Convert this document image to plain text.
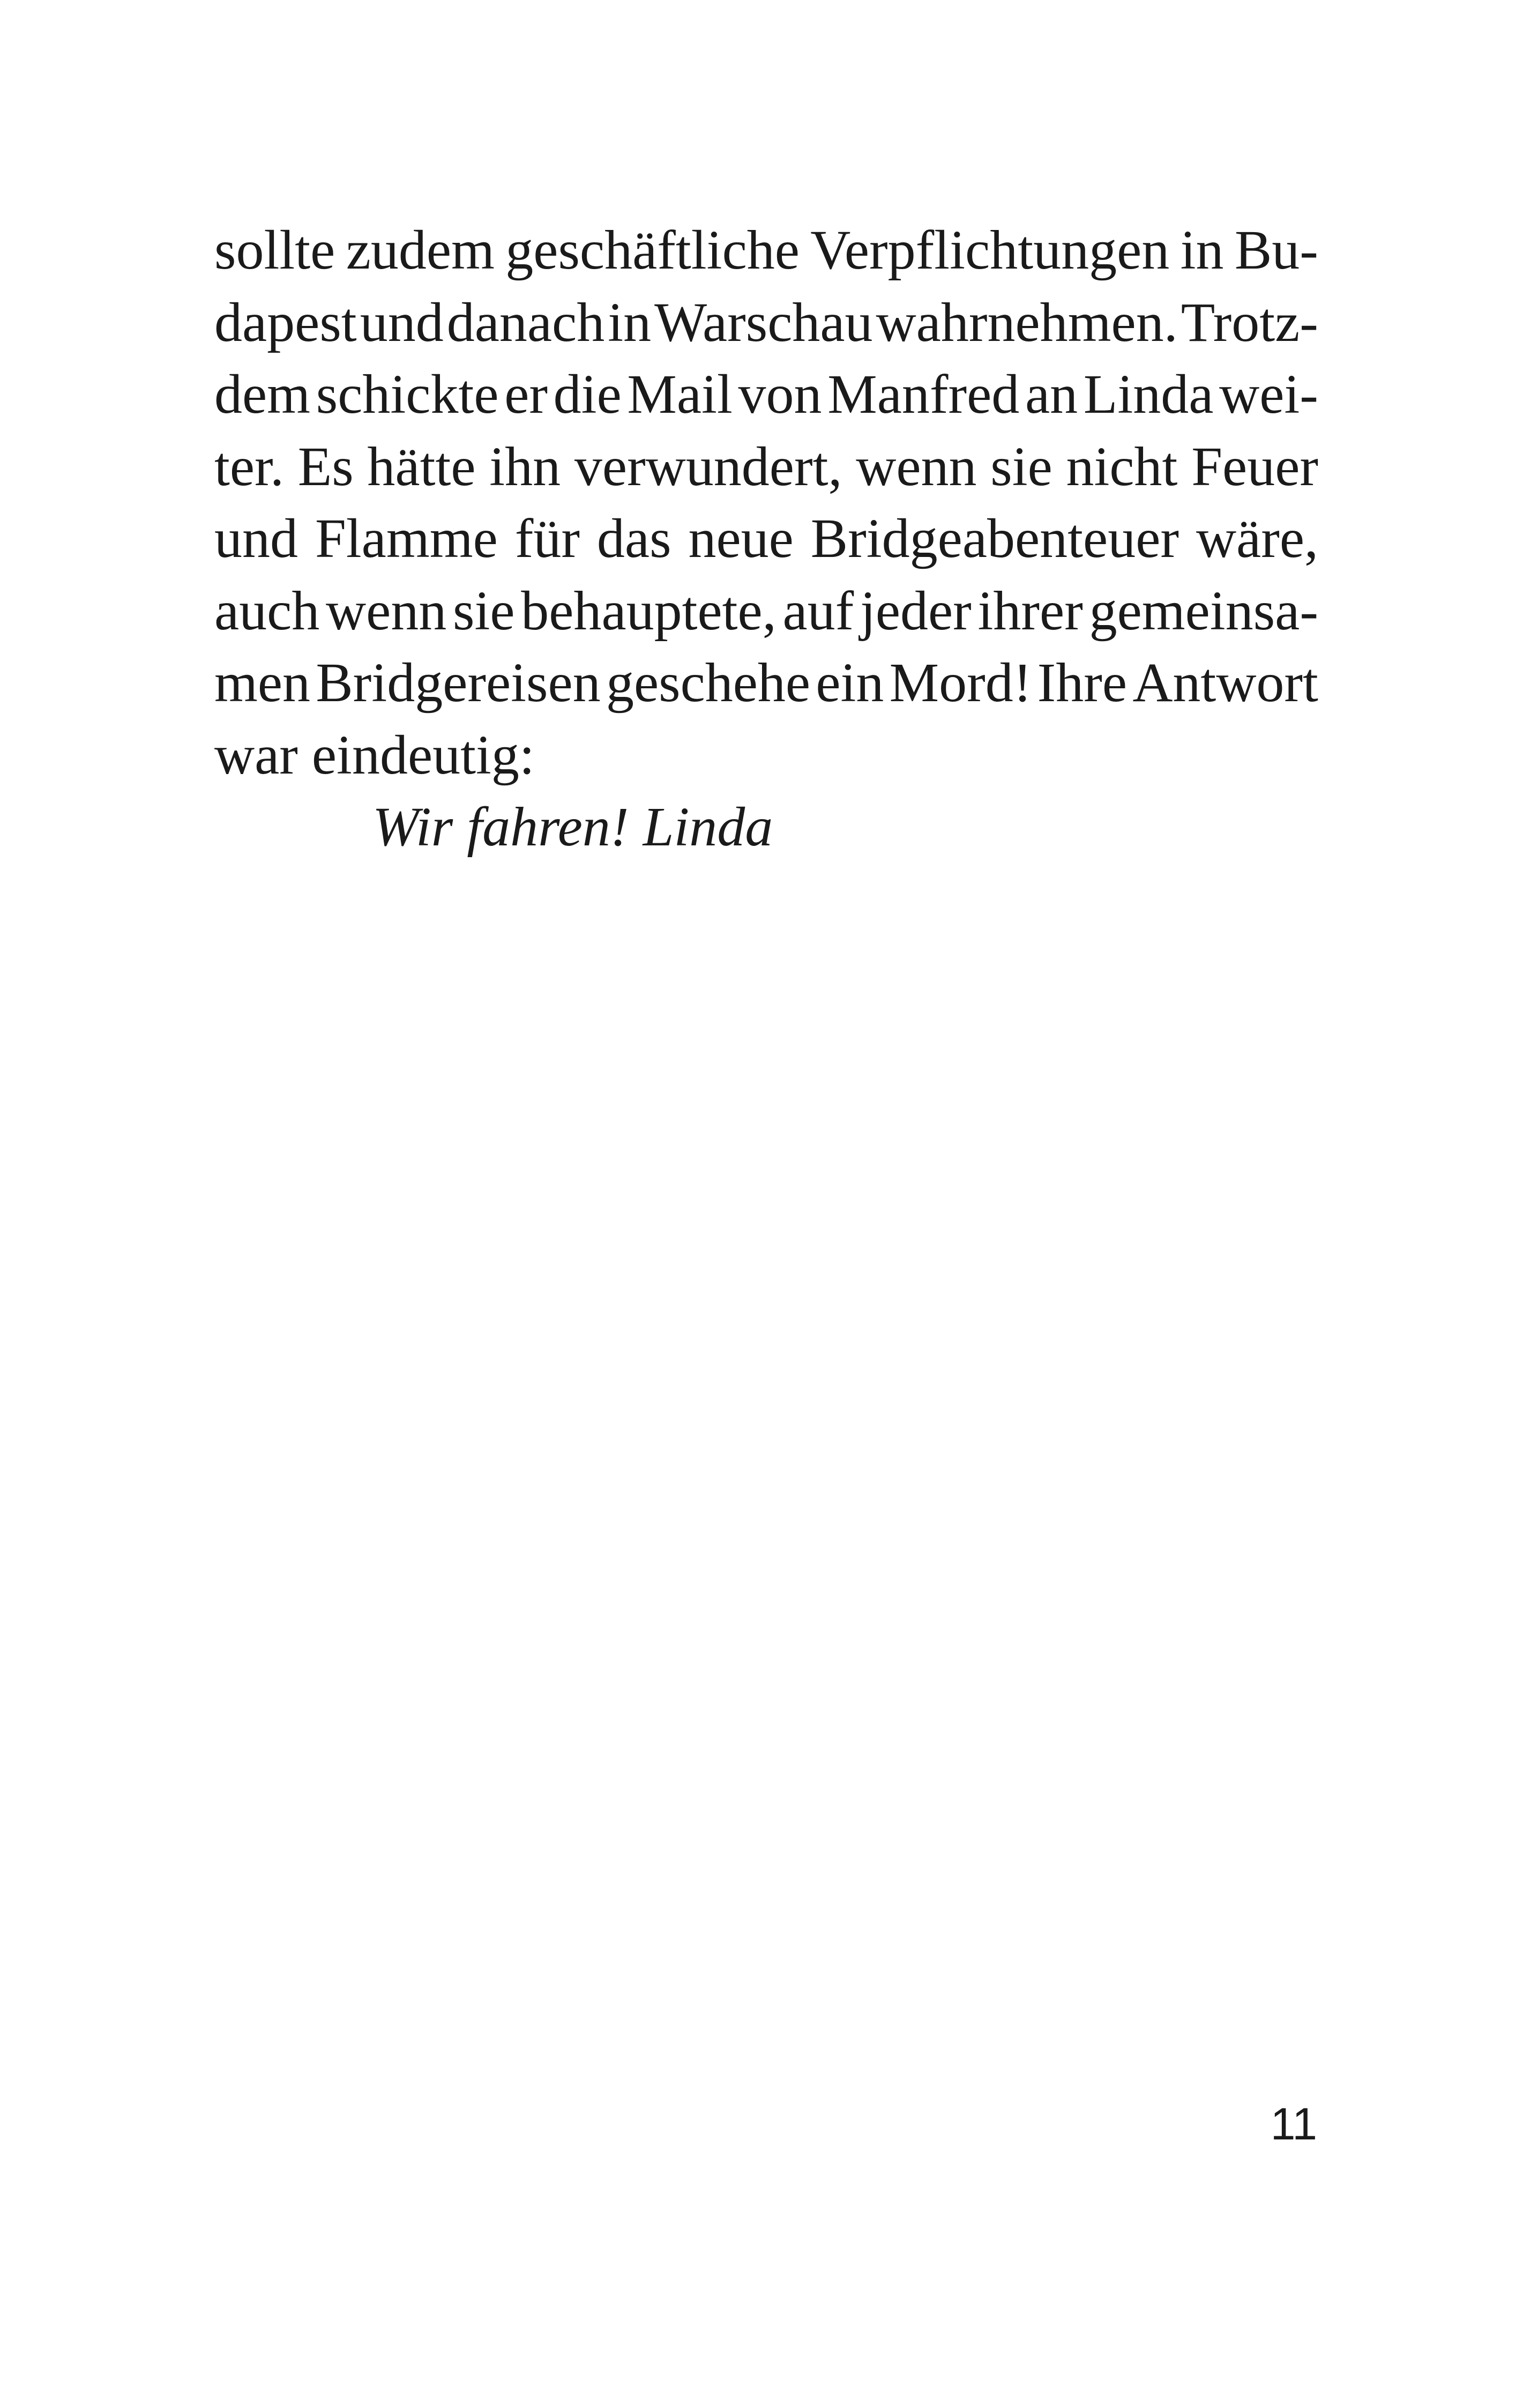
sollte zudem geschäftliche Verpflichtungen in Bu-
dapest und danach in Warschau wahrnehmen. Trotz-
dem schickte er die Mail von Manfred an Linda wei-
ter. Es hätte ihn verwundert, wenn sie nicht Feuer
und Flamme für das neue Bridgeabenteuer wäre,
auch wenn sie behauptete, auf jeder ihrer gemeinsa-
men Bridgereisen geschehe ein Mord! Ihre Antwort
war eindeutig:
Wir fahren! Linda
11
